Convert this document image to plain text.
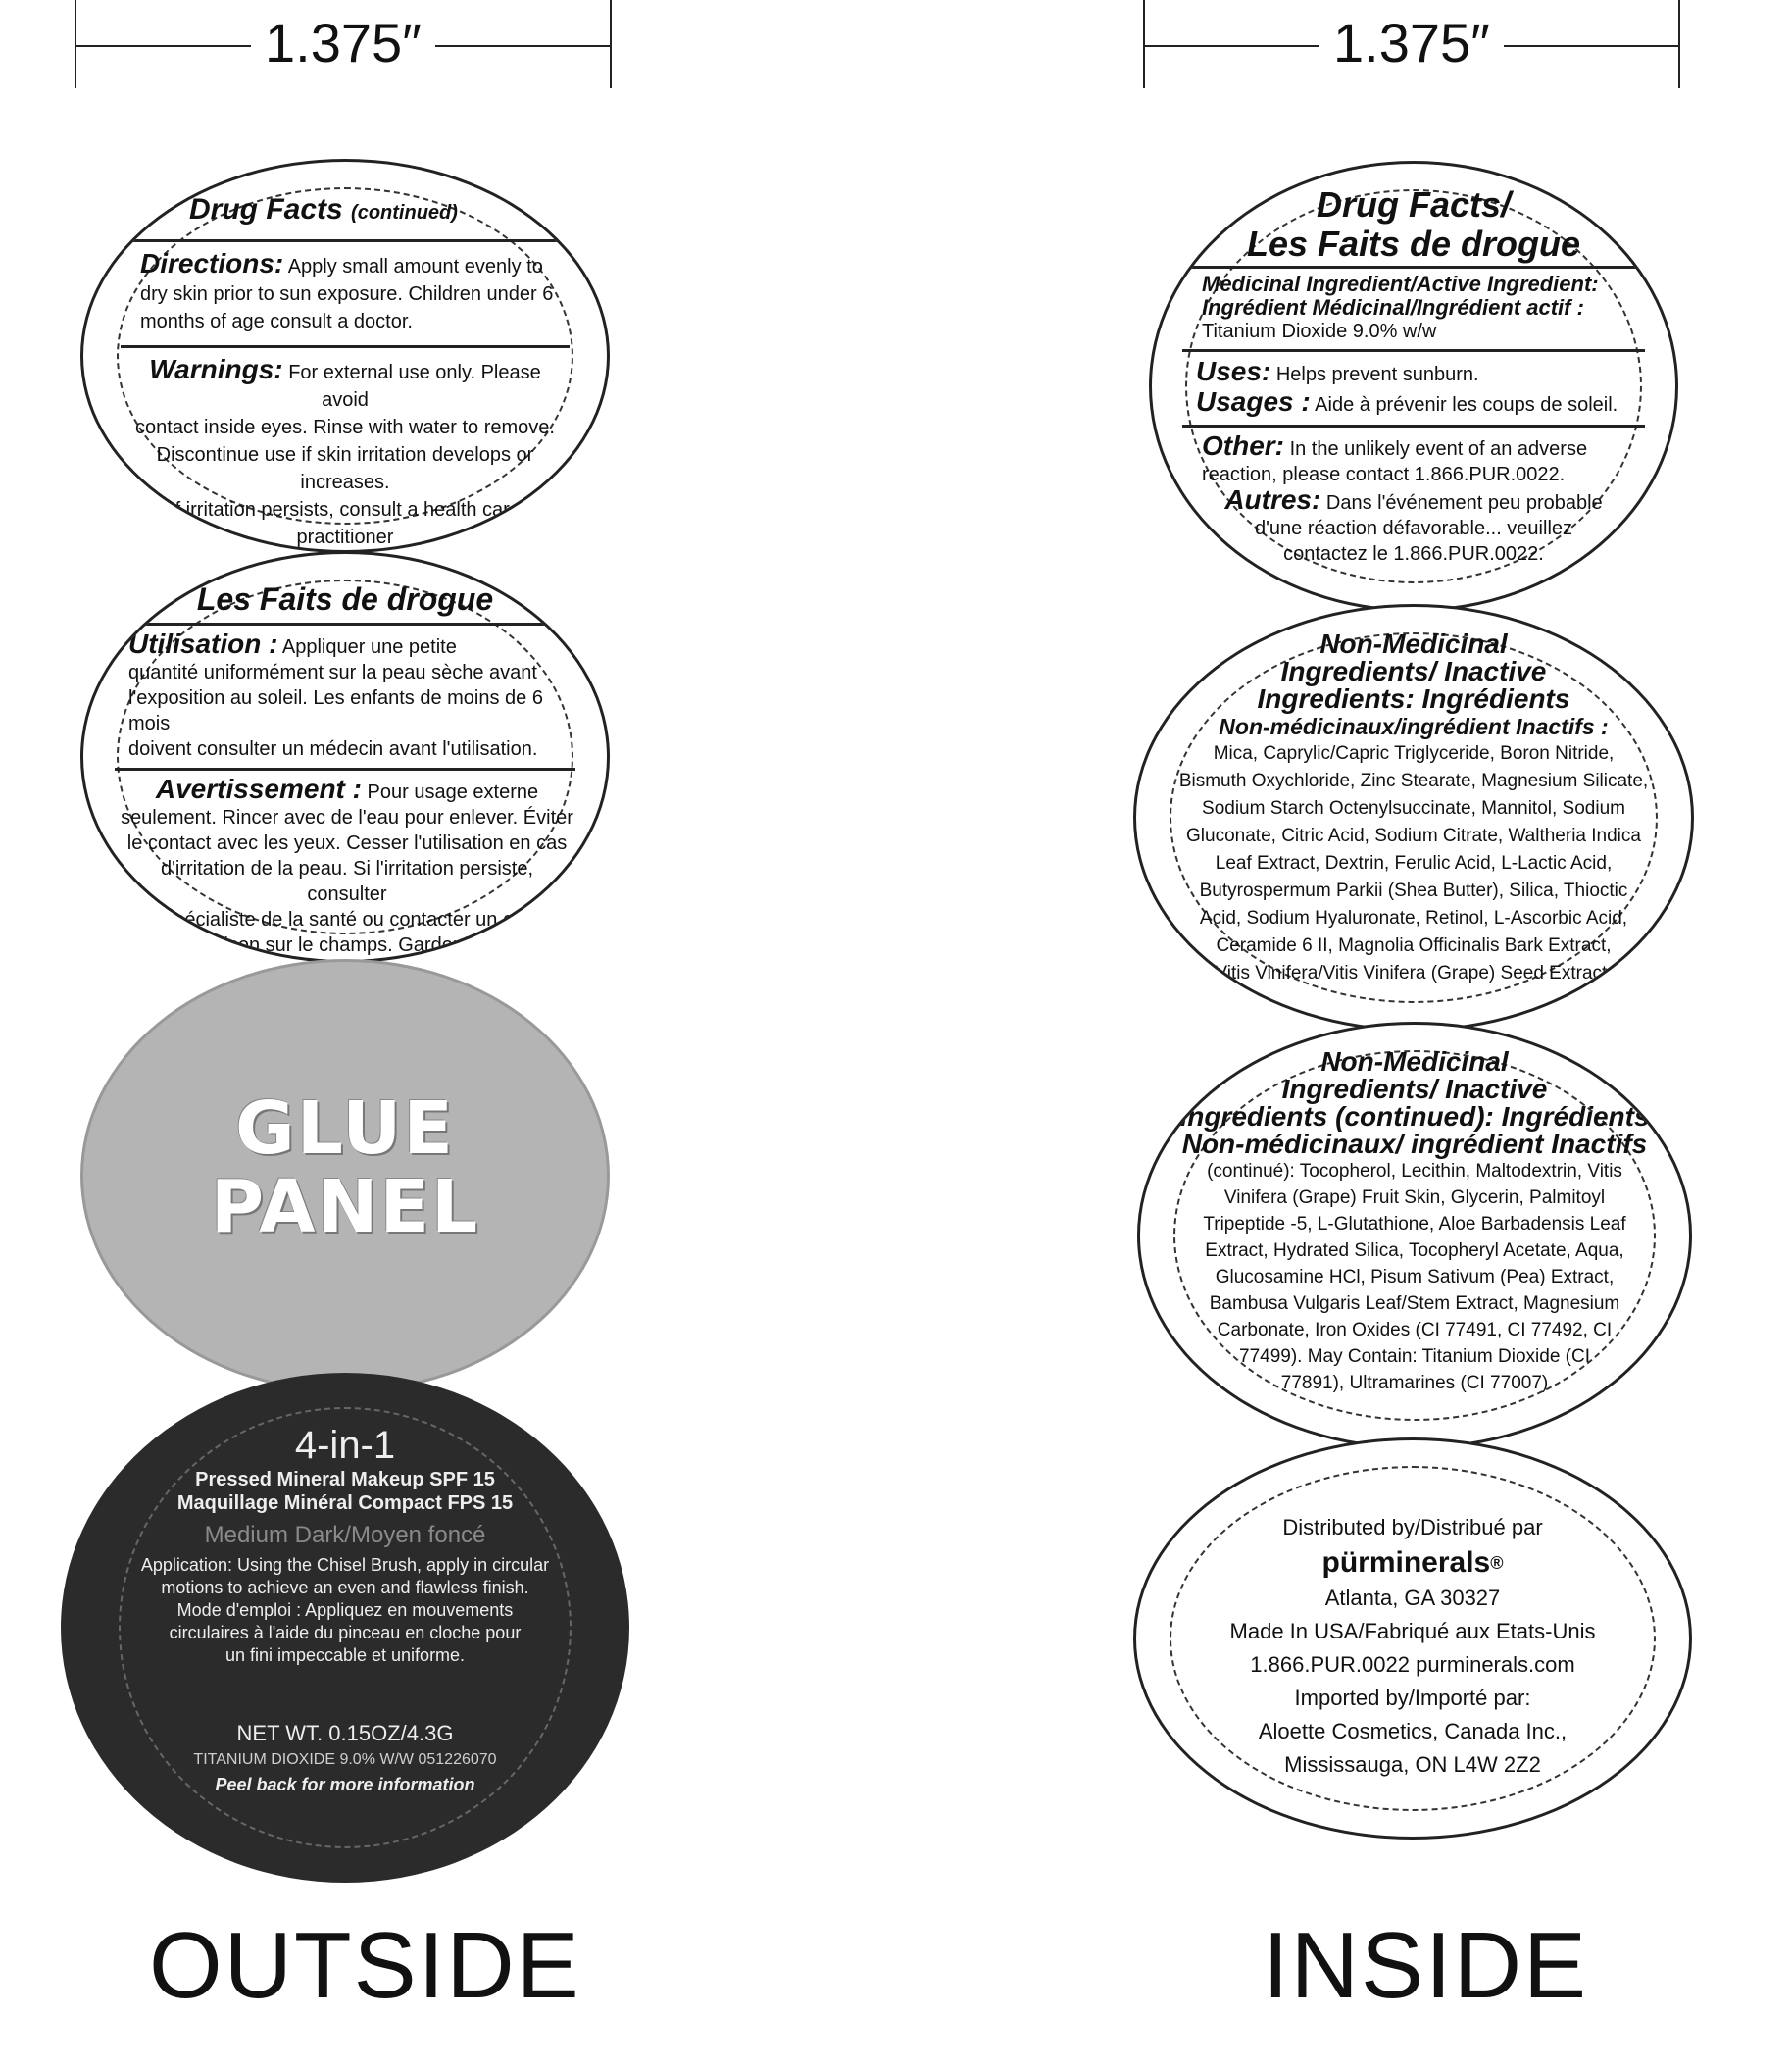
1.375″	1.375″
Drug Facts (continued)
Directions: Apply small amount evenly to
dry skin prior to sun exposure. Children under 6
months of age consult a doctor.
Warnings: For external use only. Please avoid
contact inside eyes. Rinse with water to remove.
Discontinue use if skin irritation develops or increases.
If irritation persists, consult a health care practitioner

Les Faits de drogue
Utilisation : Appliquer une petite
quantité uniformément sur la peau sèche avant
l'exposition au soleil. Les enfants de moins de 6 mois
doivent consulter un médecin avant l'utilisation.
Avertissement : Pour usage externe
seulement. Rincer avec de l'eau pour enlever. Éviter
le contact avec les yeux. Cesser l'utilisation en cas
d'irritation de la peau. Si l'irritation persiste, consulter
un spécialiste de la santé ou contacter un centre
anti-poison sur le champs. Garder hors de

GLUE
PANEL
4-in-1
Pressed Mineral Makeup SPF 15
Maquillage Minéral Compact FPS 15
Medium Dark/Moyen foncé
Application: Using the Chisel Brush, apply in circular
motions to achieve an even and flawless finish.
Mode d'emploi : Appliquez en mouvements
circulaires à l'aide du pinceau en cloche pour
un fini impeccable et uniforme.
NET WT. 0.15OZ/4.3G
TITANIUM DIOXIDE 9.0% W/W 051226070
Peel back for more information
OUTSIDE
Drug Facts/
Les Faits de drogue
Medicinal Ingredient/Active Ingredient:
Ingrédient Médicinal/Ingrédient actif :
Titanium Dioxide 9.0% w/w
Uses: Helps prevent sunburn.
Usages : Aide à prévenir les coups de soleil.
Other: In the unlikely event of an adverse
reaction, please contact 1.866.PUR.0022.
Autres: Dans l'événement peu probable
d'une réaction défavorable... veuillez
contactez le 1.866.PUR.0022.
Non-Medicinal
Ingredients/ Inactive
Ingredients: Ingrédients
Non-médicinaux/ingrédient Inactifs :
Mica, Caprylic/Capric Triglyceride, Boron Nitride,
Bismuth Oxychloride, Zinc Stearate, Magnesium Silicate,
Sodium Starch Octenylsuccinate, Mannitol, Sodium
Gluconate, Citric Acid, Sodium Citrate, Waltheria Indica
Leaf Extract, Dextrin, Ferulic Acid, L-Lactic Acid,
Butyrospermum Parkii (Shea Butter), Silica, Thioctic
Acid, Sodium Hyaluronate, Retinol, L-Ascorbic Acid,
Ceramide 6 II, Magnolia Officinalis Bark Extract,
Vitis Vinifera/Vitis Vinifera (Grape) Seed Extract,
Non-Medicinal
Ingredients/ Inactive
Ingredients (continued): Ingrédients
Non-médicinaux/ ingrédient Inactifs
(continué): Tocopherol, Lecithin, Maltodextrin, Vitis
Vinifera (Grape) Fruit Skin, Glycerin, Palmitoyl
Tripeptide -5, L-Glutathione, Aloe Barbadensis Leaf
Extract, Hydrated Silica, Tocopheryl Acetate, Aqua,
Glucosamine HCl, Pisum Sativum (Pea) Extract,
Bambusa Vulgaris Leaf/Stem Extract, Magnesium
Carbonate, Iron Oxides (CI 77491, CI 77492, CI
77499). May Contain: Titanium Dioxide (CI
77891), Ultramarines (CI 77007)
Distributed by/Distribué par
pürminerals®
Atlanta, GA 30327
Made In USA/Fabriqué aux Etats-Unis
1.866.PUR.0022 purminerals.com
Imported by/Importé par:
Aloette Cosmetics, Canada Inc.,
Mississauga, ON L4W 2Z2
INSIDE
